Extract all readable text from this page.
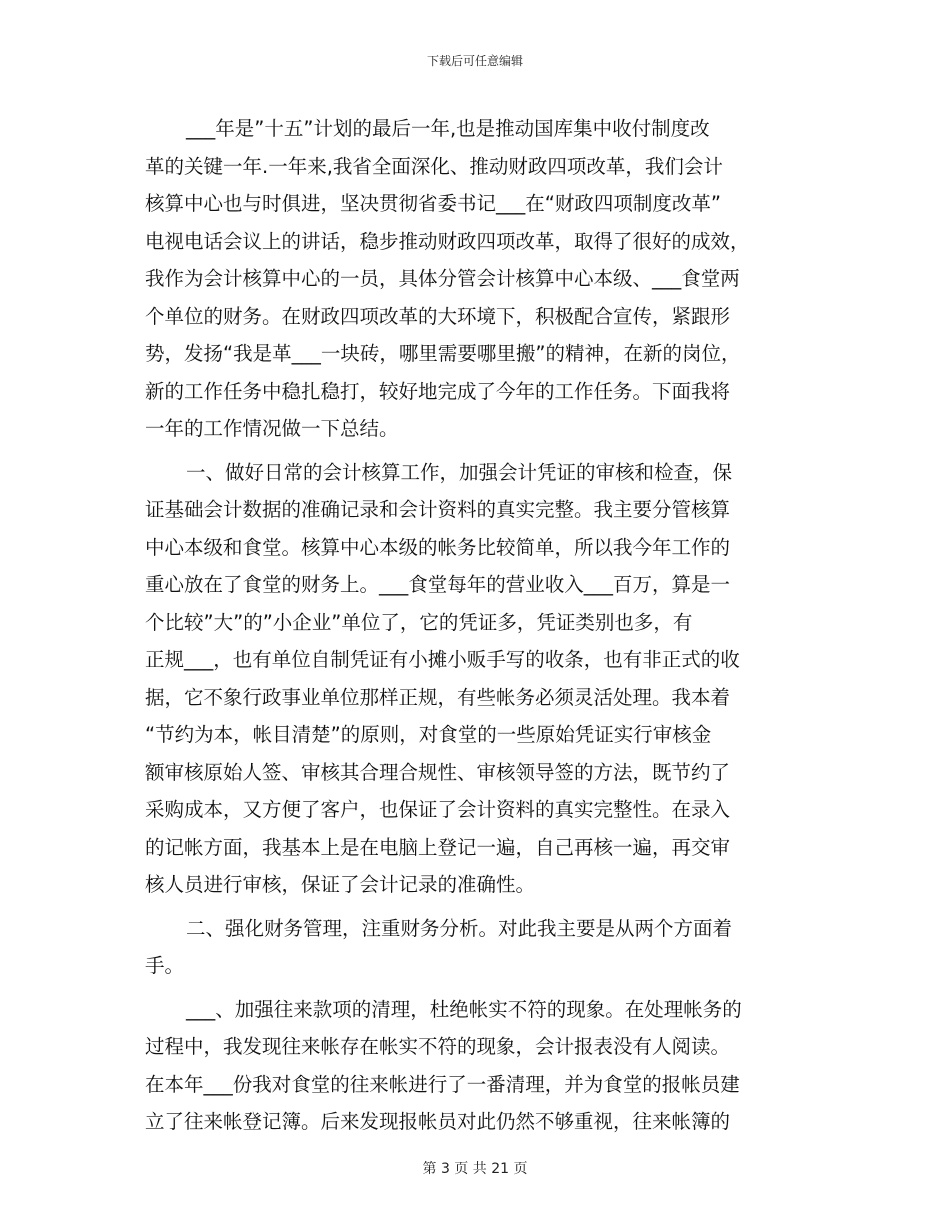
下载后可任意编辑
___年是”十五”计划的最后一年,也是推动国库集中收付制度改
革的关键一年.一年来,我省全面深化、推动财政四项改革，我们会计
核算中心也与时俱进，坚决贯彻省委书记___在“财政四项制度改革”
电视电话会议上的讲话，稳步推动财政四项改革，取得了很好的成效，
我作为会计核算中心的一员，具体分管会计核算中心本级、___食堂两
个单位的财务。在财政四项改革的大环境下，积极配合宣传，紧跟形
势，发扬“我是革___一块砖，哪里需要哪里搬”的精神，在新的岗位，
新的工作任务中稳扎稳打，较好地完成了今年的工作任务。下面我将
一年的工作情况做一下总结。
一、做好日常的会计核算工作，加强会计凭证的审核和检查，保
证基础会计数据的准确记录和会计资料的真实完整。我主要分管核算
中心本级和食堂。核算中心本级的帐务比较简单，所以我今年工作的
重心放在了食堂的财务上。___食堂每年的营业收入___百万，算是一
个比较”大”的”小企业”单位了，它的凭证多，凭证类别也多，有
正规___，也有单位自制凭证有小摊小贩手写的收条，也有非正式的收
据，它不象行政事业单位那样正规，有些帐务必须灵活处理。我本着
“节约为本，帐目清楚”的原则，对食堂的一些原始凭证实行审核金
额审核原始人签、审核其合理合规性、审核领导签的方法，既节约了
采购成本，又方便了客户，也保证了会计资料的真实完整性。在录入
的记帐方面，我基本上是在电脑上登记一遍，自己再核一遍，再交审
核人员进行审核，保证了会计记录的准确性。
二、强化财务管理，注重财务分析。对此我主要是从两个方面着
手。
___、加强往来款项的清理，杜绝帐实不符的现象。在处理帐务的
过程中，我发现往来帐存在帐实不符的现象，会计报表没有人阅读。
在本年___份我对食堂的往来帐进行了一番清理，并为食堂的报帐员建
立了往来帐登记簿。后来发现报帐员对此仍然不够重视，往来帐簿的
第 3 页 共 21 页
